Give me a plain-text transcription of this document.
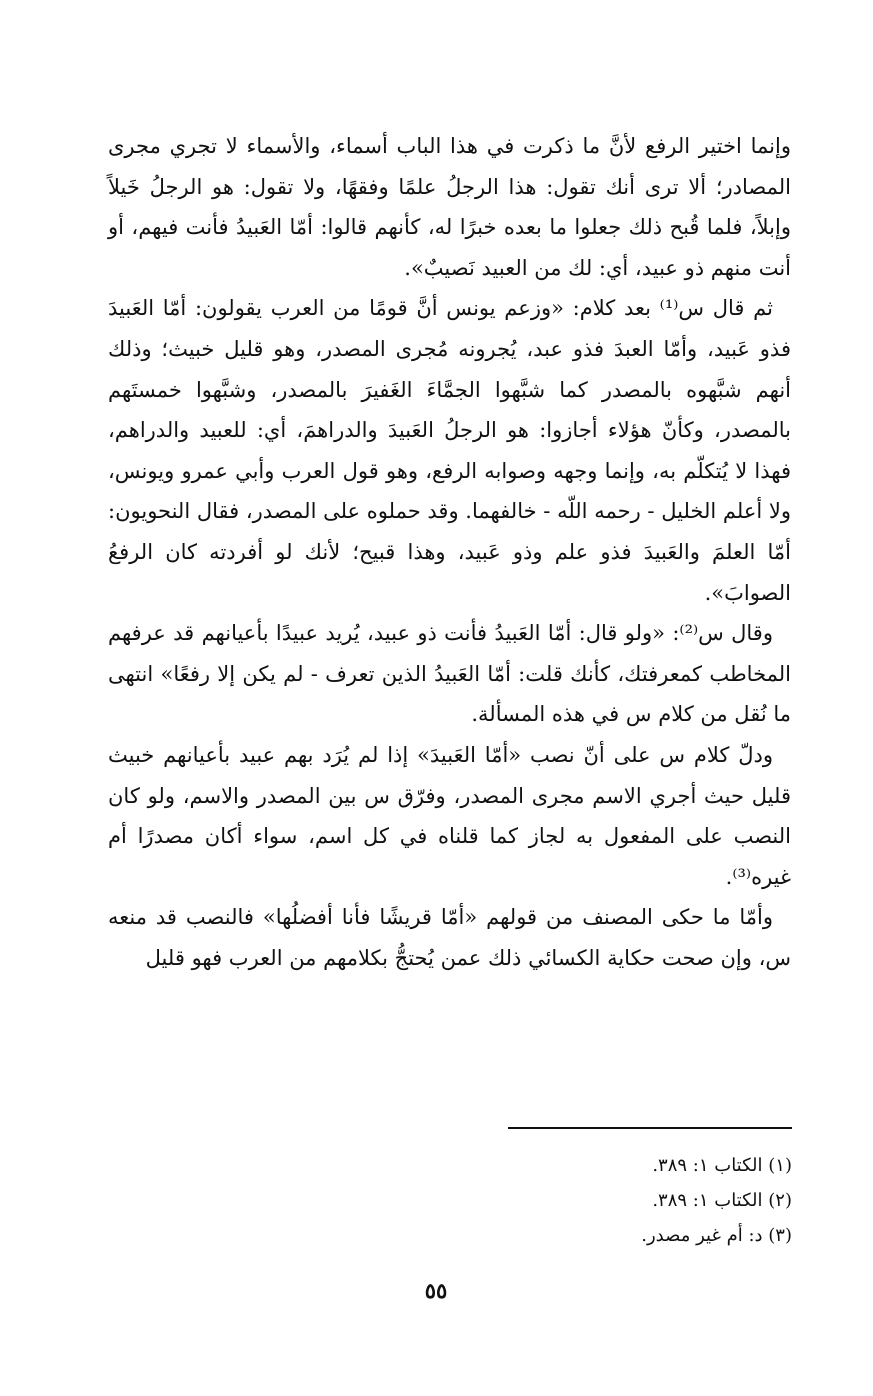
وإنما اختير الرفع لأنَّ ما ذكرت في هذا الباب أسماء، والأسماء لا تجري مجرى المصادر؛ ألا ترى أنك تقول: هذا الرجلُ علمًا وفقهًا، ولا تقول: هو الرجلُ خَيلاً وإبلاً، فلما قُبح ذلك جعلوا ما بعده خبرًا له، كأنهم قالوا: أمّا العَبيدُ فأنت فيهم، أو أنت منهم ذو عبيد، أي: لك من العبيد نَصيبٌ».

ثم قال س⁽¹⁾ بعد كلام: «وزعم يونس أنَّ قومًا من العرب يقولون: أمّا العَبيدَ فذو عَبيد، وأمّا العبدَ فذو عبد، يُجرونه مُجرى المصدر، وهو قليل خبيث؛ وذلك أنهم شبَّهوه بالمصدر كما شبَّهوا الجمَّاءَ الغَفيرَ بالمصدر، وشبَّهوا خمستَهم بالمصدر، وكأنّ هؤلاء أجازوا: هو الرجلُ العَبيدَ والدراهمَ، أي: للعبيد والدراهم، فهذا لا يُتكلّم به، وإنما وجهه وصوابه الرفع، وهو قول العرب وأبي عمرو ويونس، ولا أعلم الخليل - رحمه اللّه - خالفهما. وقد حملوه على المصدر، فقال النحويون: أمّا العلمَ والعَبيدَ فذو علم وذو عَبيد، وهذا قبيح؛ لأنك لو أفردته كان الرفعُ الصوابَ».

وقال س⁽²⁾: «ولو قال: أمّا العَبيدُ فأنت ذو عبيد، يُريد عبيدًا بأعيانهم قد عرفهم المخاطب كمعرفتك، كأنك قلت: أمّا العَبيدُ الذين تعرف - لم يكن إلا رفعًا» انتهى ما نُقل من كلام س في هذه المسألة.

ودلّ كلام س على أنّ نصب «أمّا العَبيدَ» إذا لم يُرَد بهم عبيد بأعيانهم خبيث قليل حيث أجري الاسم مجرى المصدر، وفرّق س بين المصدر والاسم، ولو كان النصب على المفعول به لجاز كما قلناه في كل اسم، سواء أكان مصدرًا أم غيره⁽³⁾.

وأمّا ما حكى المصنف من قولهم «أمّا قريشًا فأنا أفضلُها» فالنصب قد منعه س، وإن صحت حكاية الكسائي ذلك عمن يُحتجُّ بكلامهم من العرب فهو قليل

(١) الكتاب ١: ٣٨٩.

(٢) الكتاب ١: ٣٨٩.

(٣) د: أم غير مصدر.

٥٥
